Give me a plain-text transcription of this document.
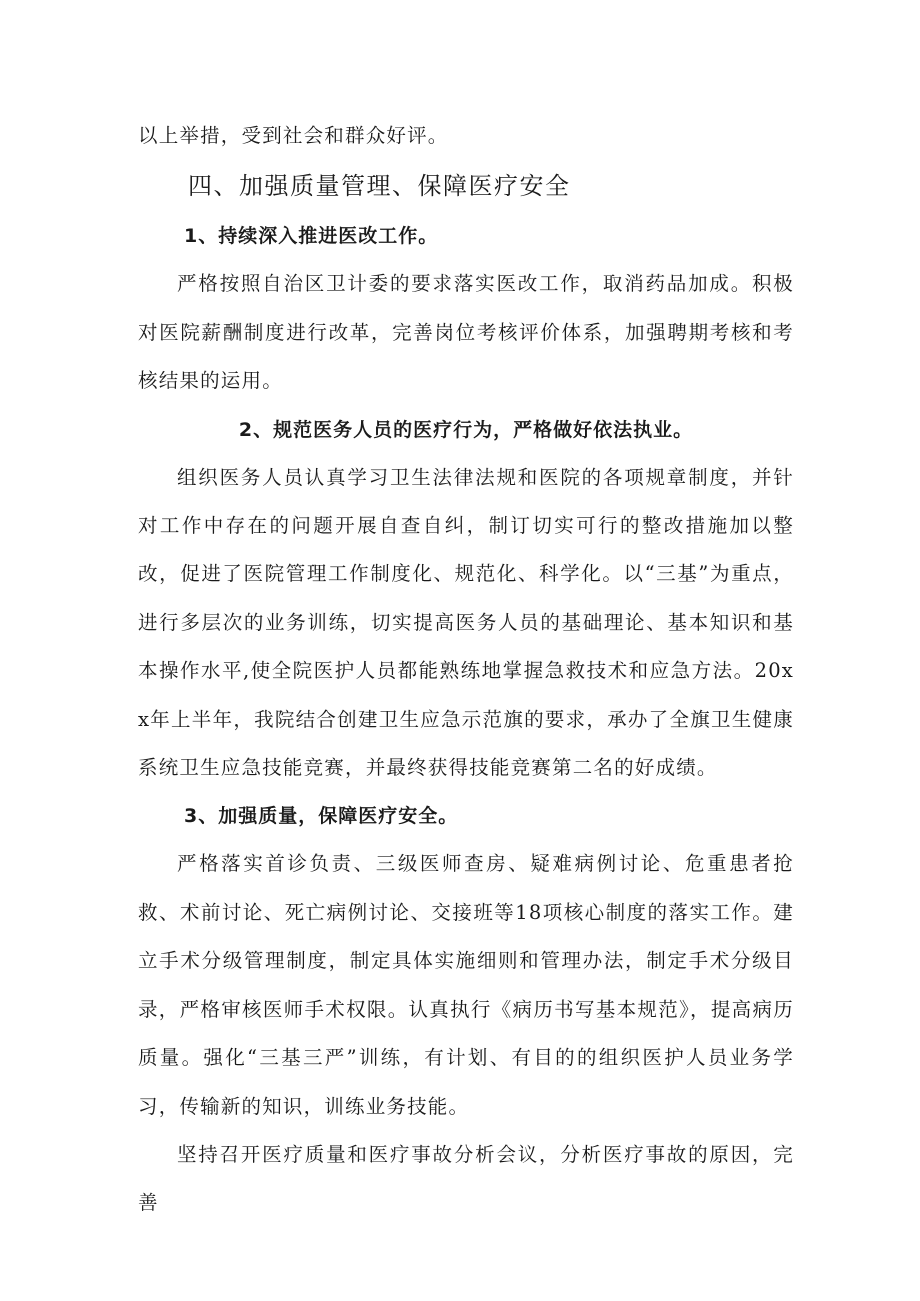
以上举措，受到社会和群众好评。

四、加强质量管理、保障医疗安全
1、持续深入推进医改工作。

严格按照自治区卫计委的要求落实医改工作，取消药品加成。积极对医院薪酬制度进行改革，完善岗位考核评价体系，加强聘期考核和考核结果的运用。

2、规范医务人员的医疗行为，严格做好依法执业。

组织医务人员认真学习卫生法律法规和医院的各项规章制度，并针对工作中存在的问题开展自查自纠，制订切实可行的整改措施加以整改，促进了医院管理工作制度化、规范化、科学化。以“三基”为重点，进行多层次的业务训练，切实提高医务人员的基础理论、基本知识和基本操作水平,使全院医护人员都能熟练地掌握急救技术和应急方法。20xx年上半年，我院结合创建卫生应急示范旗的要求，承办了全旗卫生健康系统卫生应急技能竞赛，并最终获得技能竞赛第二名的好成绩。

3、加强质量，保障医疗安全。

严格落实首诊负责、三级医师查房、疑难病例讨论、危重患者抢救、术前讨论、死亡病例讨论、交接班等18项核心制度的落实工作。建立手术分级管理制度，制定具体实施细则和管理办法，制定手术分级目录，严格审核医师手术权限。认真执行《病历书写基本规范》，提高病历质量。强化“三基三严”训练，有计划、有目的的组织医护人员业务学习，传输新的知识，训练业务技能。

坚持召开医疗质量和医疗事故分析会议，分析医疗事故的原因，完善
